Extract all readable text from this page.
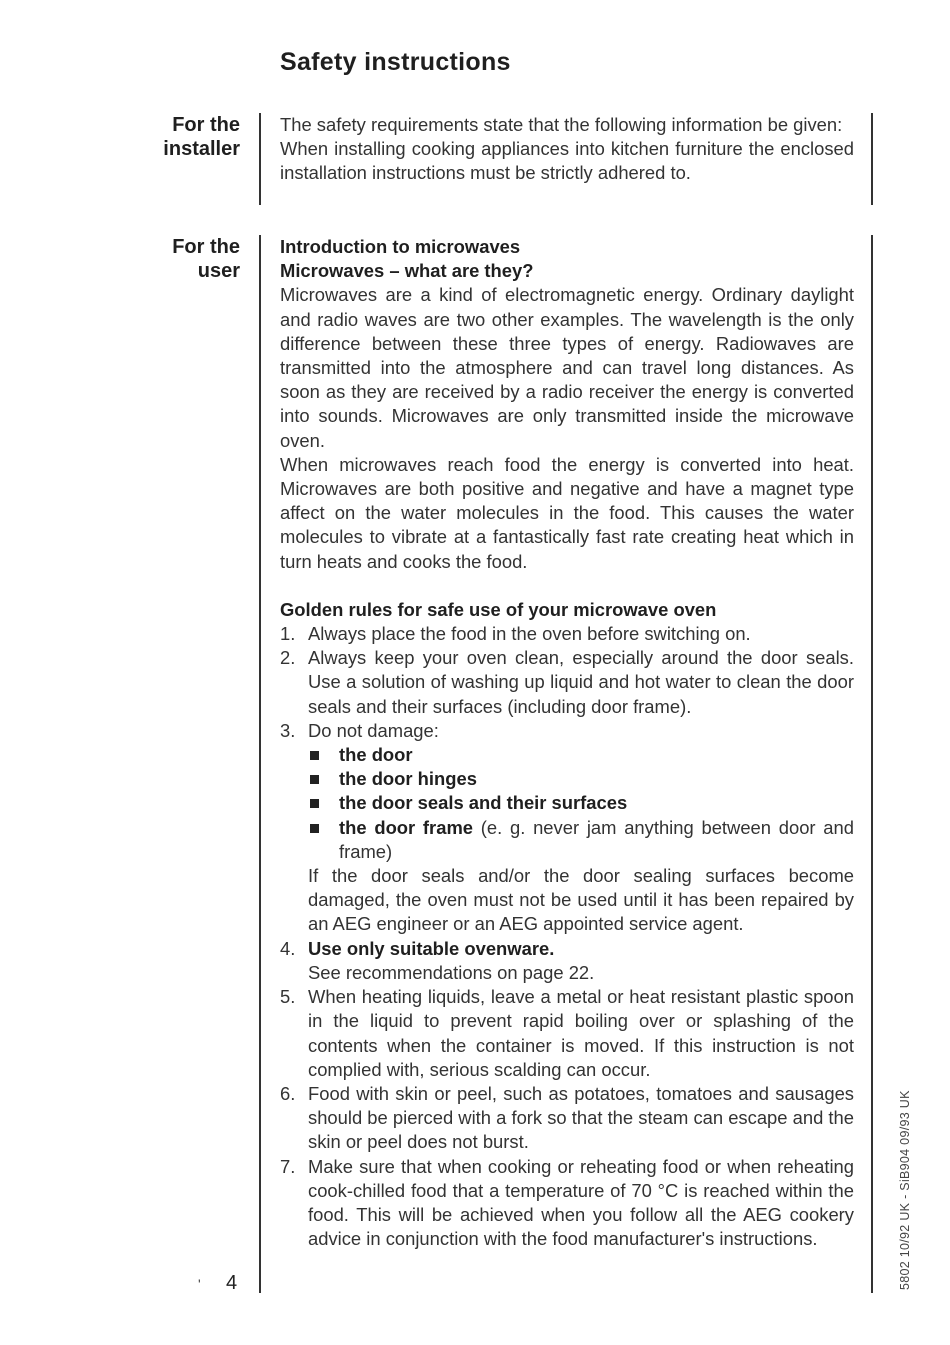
Safety instructions
For the
installer

The safety requirements state that the following information be given:

When installing cooking appliances into kitchen furniture the enclosed installation instructions must be strictly adhered to.

For the
user

Introduction to microwaves

Microwaves – what are they?

Microwaves are a kind of electromagnetic energy. Ordinary daylight and radio waves are two other examples. The wavelength is the only difference between these three types of energy. Radiowaves are transmitted into the atmosphere and can travel long distances. As soon as they are received by a radio receiver the energy is converted into sounds. Microwaves are only transmitted inside the microwave oven.

When microwaves reach food the energy is converted into heat. Microwaves are both positive and negative and have a magnet type affect on the water molecules in the food. This causes the water molecules to vibrate at a fantastically fast rate creating heat which in turn heats and cooks the food.

Golden rules for safe use of your microwave oven

1. Always place the food in the oven before switching on.
2. Always keep your oven clean, especially around the door seals. Use a solution of washing up liquid and hot water to clean the door seals and their surfaces (including door frame).
3. Do not damage:
the door
the door hinges
the door seals and their surfaces
the door frame (e. g. never jam anything between door and frame)
If the door seals and/or the door sealing surfaces become damaged, the oven must not be used until it has been repaired by an AEG engineer or an AEG appointed service agent.
4. Use only suitable ovenware.
See recommendations on page 22.
5. When heating liquids, leave a metal or heat resistant plastic spoon in the liquid to prevent rapid boiling over or splashing of the contents when the container is moved. If this instruction is not complied with, serious scalding can occur.
6. Food with skin or peel, such as potatoes, tomatoes and sausages should be pierced with a fork so that the steam can escape and the skin or peel does not burst.
7. Make sure that when cooking or reheating food or when reheating cook-chilled food that a temperature of 70 °C is reached within the food. This will be achieved when you follow all the AEG cookery advice in conjunction with the food manufacturer's instructions.
' 4	5802 10/92 UK - SiB904 09/93 UK
